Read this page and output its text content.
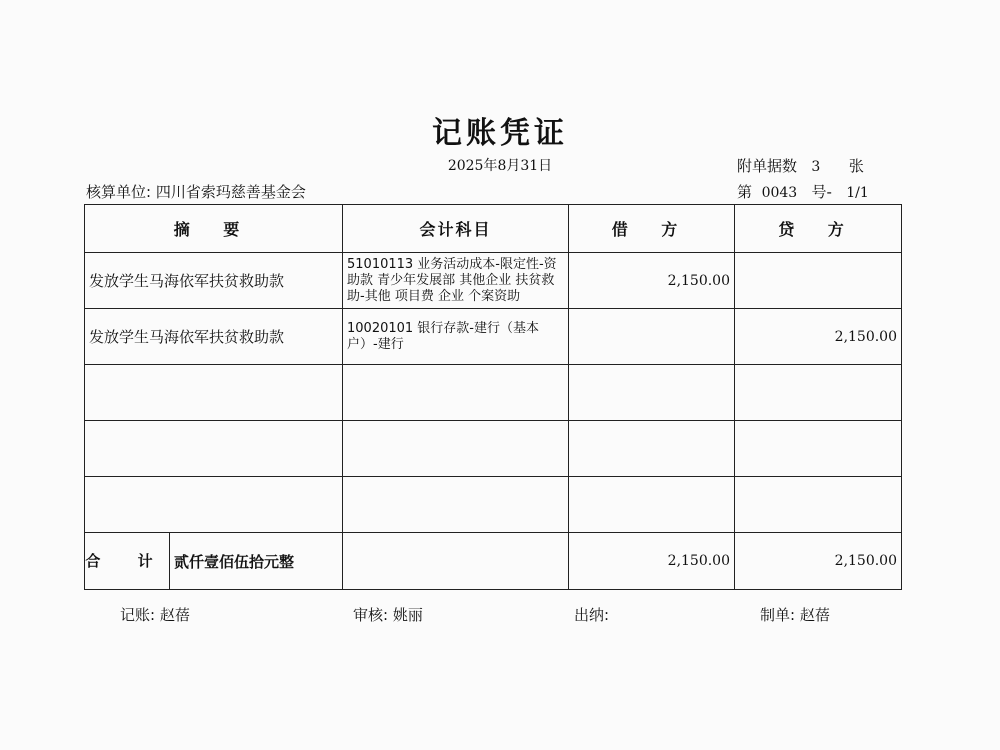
记账凭证
2025年8月31日	附单据数 3 张
核算单位: 四川省索玛慈善基金会	第 0043 号- 1/1
摘 要	会计科目	借 方	贷 方
发放学生马海依军扶贫救助款	51010113 业务活动成本-限定性-资助款 青少年发展部 其他企业 扶贫救助-其他 项目费 企业 个案资助	2,150.00	
发放学生马海依军扶贫救助款	10020101 银行存款-建行（基本户）-建行		2,150.00

合 计 贰仟壹佰伍拾元整		2,150.00	2,150.00
记账: 赵蓓	审核: 姚丽	出纳:	制单: 赵蓓
